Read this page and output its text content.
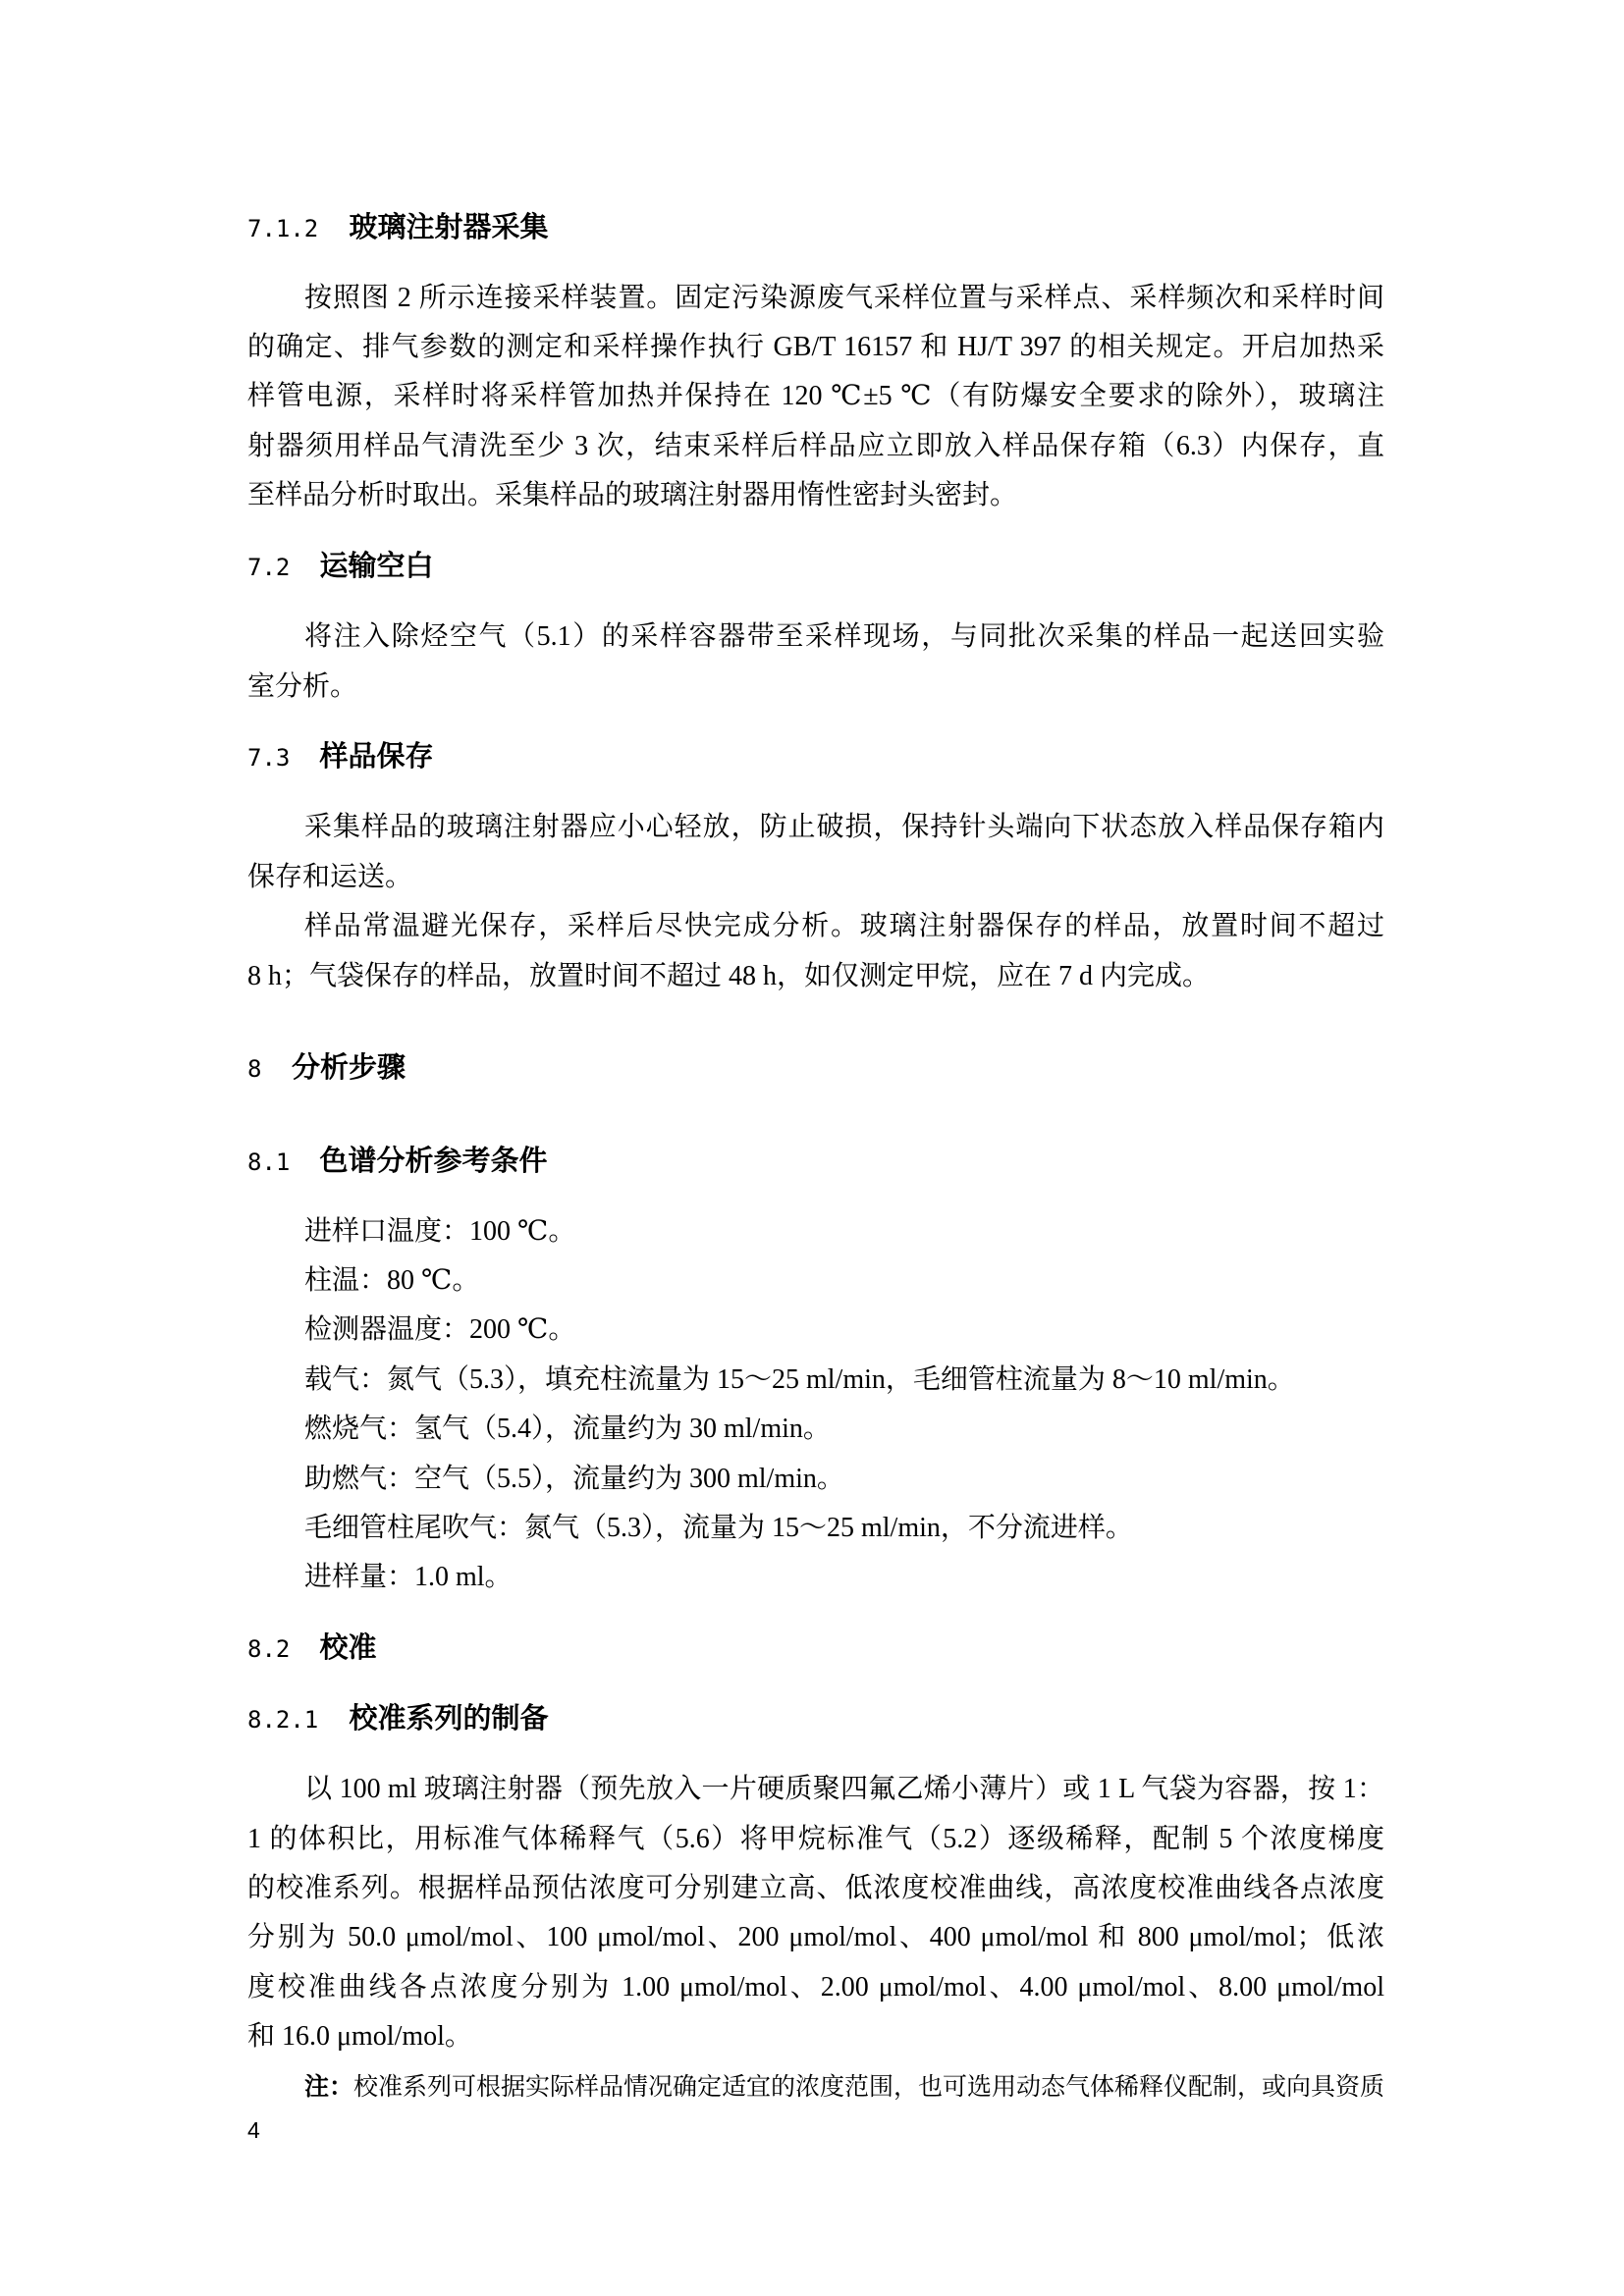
7.1.2 玻璃注射器采集
按照图 2 所示连接采样装置。固定污染源废气采样位置与采样点、采样频次和采样时间
的确定、排气参数的测定和采样操作执行 GB/T 16157 和 HJ/T 397 的相关规定。开启加热采
样管电源，采样时将采样管加热并保持在 120 ℃±5 ℃（有防爆安全要求的除外），玻璃注
射器须用样品气清洗至少 3 次，结束采样后样品应立即放入样品保存箱（6.3）内保存，直
至样品分析时取出。采集样品的玻璃注射器用惰性密封头密封。
7.2 运输空白
将注入除烃空气（5.1）的采样容器带至采样现场，与同批次采集的样品一起送回实验
室分析。
7.3 样品保存
采集样品的玻璃注射器应小心轻放，防止破损，保持针头端向下状态放入样品保存箱内
保存和运送。
样品常温避光保存，采样后尽快完成分析。玻璃注射器保存的样品，放置时间不超过
8 h；气袋保存的样品，放置时间不超过 48 h，如仅测定甲烷，应在 7 d 内完成。
8 分析步骤
8.1 色谱分析参考条件
进样口温度：100 ℃。
柱温：80 ℃。
检测器温度：200 ℃。
载气：氮气（5.3），填充柱流量为 15～25 ml/min，毛细管柱流量为 8～10 ml/min。
燃烧气：氢气（5.4），流量约为 30 ml/min。
助燃气：空气（5.5），流量约为 300 ml/min。
毛细管柱尾吹气：氮气（5.3），流量为 15～25 ml/min，不分流进样。
进样量：1.0 ml。
8.2 校准
8.2.1 校准系列的制备
以 100 ml 玻璃注射器（预先放入一片硬质聚四氟乙烯小薄片）或 1 L 气袋为容器，按 1：
1 的体积比，用标准气体稀释气（5.6）将甲烷标准气（5.2）逐级稀释，配制 5 个浓度梯度
的校准系列。根据样品预估浓度可分别建立高、低浓度校准曲线，高浓度校准曲线各点浓度
分别为 50.0 μmol/mol、100 μmol/mol、200 μmol/mol、400 μmol/mol 和 800 μmol/mol；低浓
度校准曲线各点浓度分别为 1.00 μmol/mol、2.00 μmol/mol、4.00 μmol/mol、8.00 μmol/mol
和 16.0 μmol/mol。
注：校准系列可根据实际样品情况确定适宜的浓度范围，也可选用动态气体稀释仪配制，或向具资质
4
